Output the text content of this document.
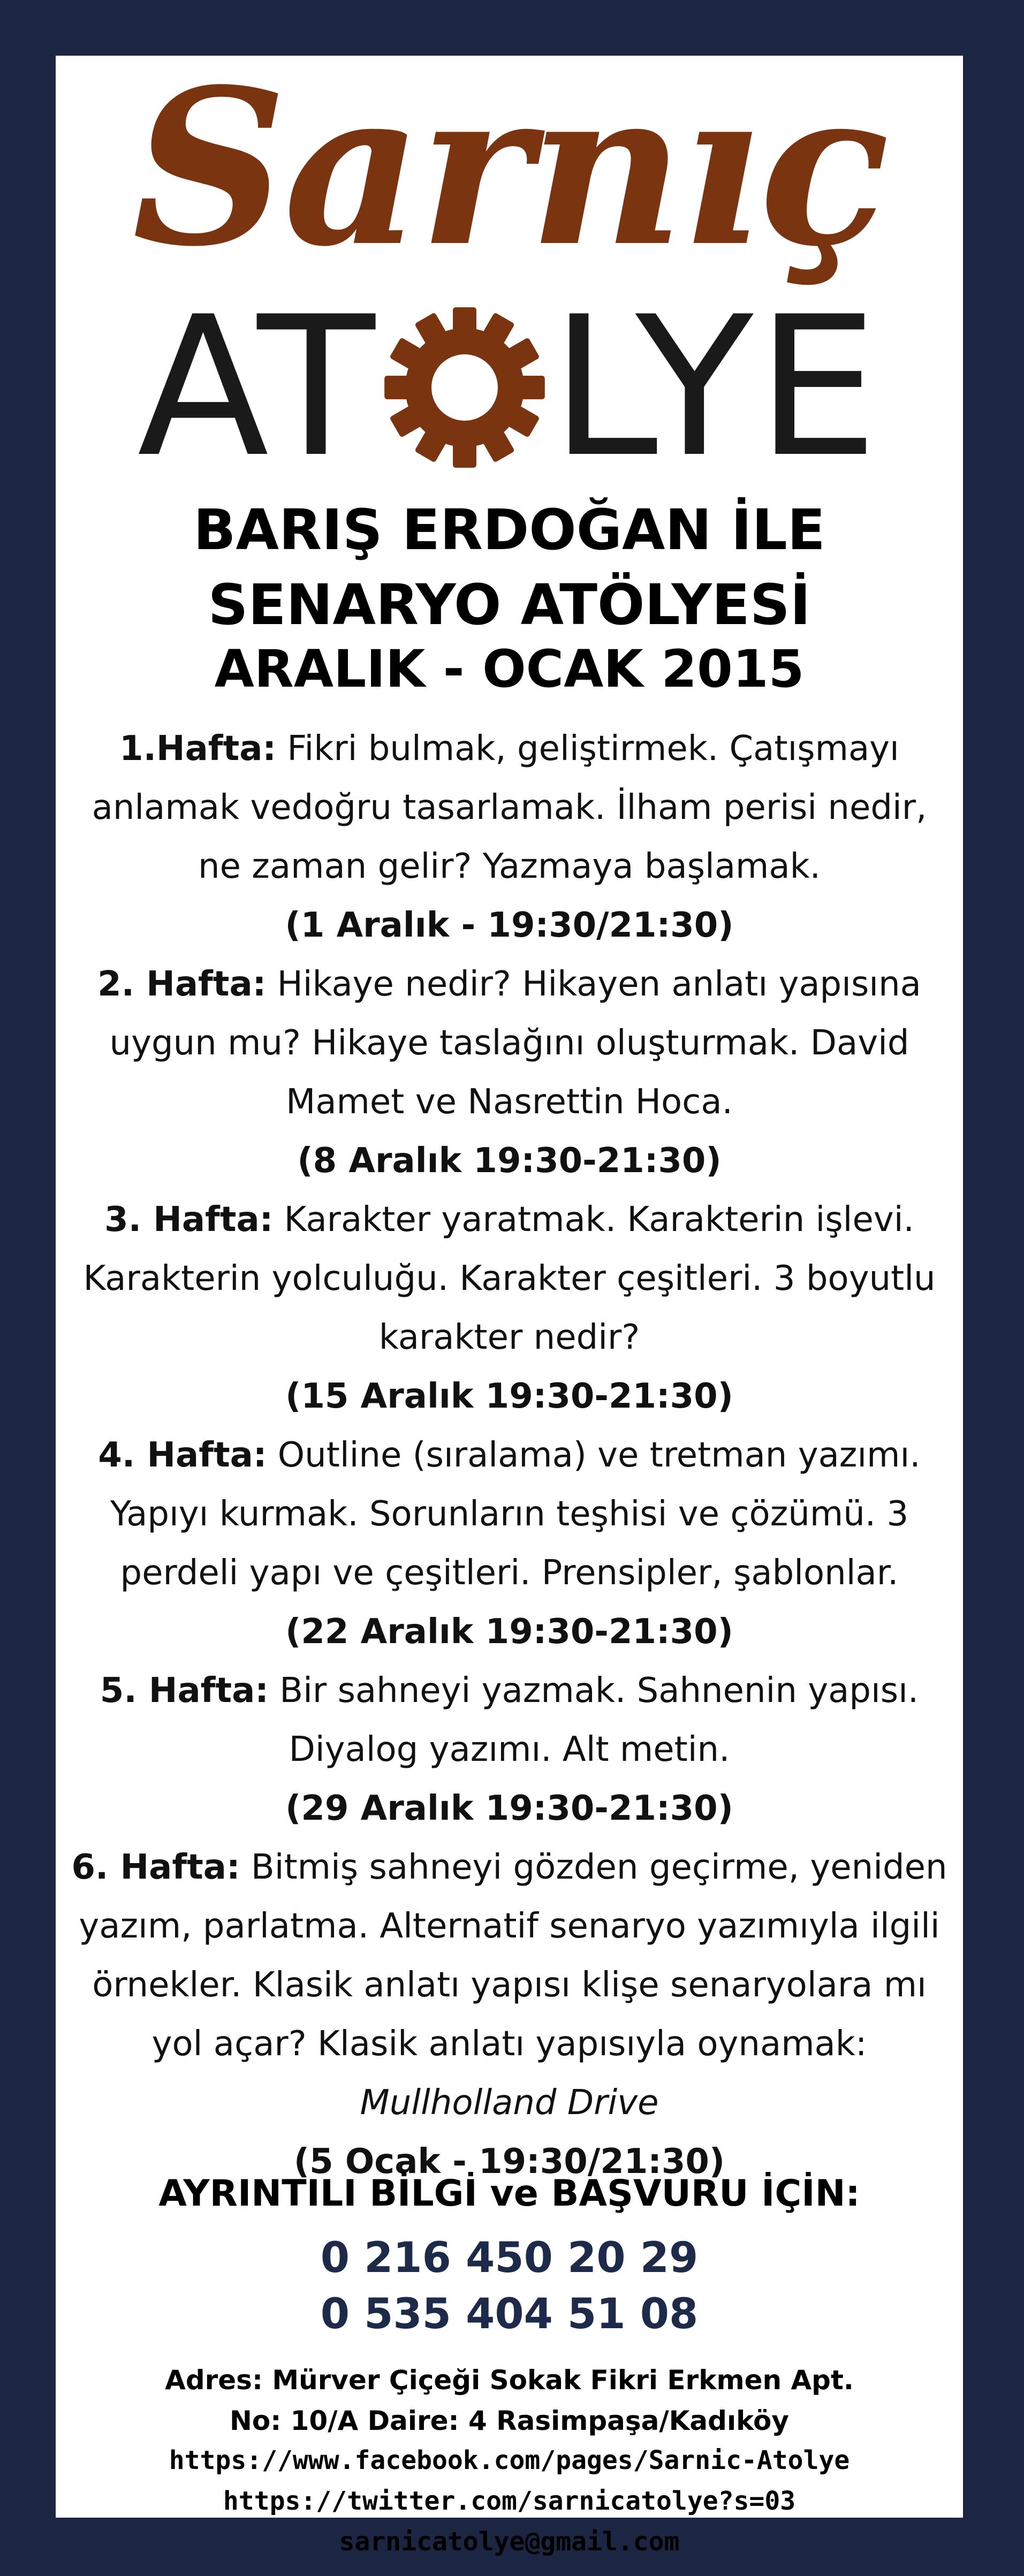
Sarnıç
AT LYE
BARIŞ ERDOĞAN İLE
SENARYO ATÖLYESİ
ARALIK - OCAK 2015

1.Hafta: Fikri bulmak, geliştirmek. Çatışmayı anlamak vedoğru tasarlamak. İlham perisi nedir, ne zaman gelir? Yazmaya başlamak.

(1 Aralık - 19:30/21:30)

2. Hafta: Hikaye nedir? Hikayen anlatı yapısına uygun mu? Hikaye taslağını oluşturmak. David Mamet ve Nasrettin Hoca.

(8 Aralık 19:30-21:30)

3. Hafta: Karakter yaratmak. Karakterin işlevi. Karakterin yolculuğu. Karakter çeşitleri. 3 boyutlu karakter nedir?

(15 Aralık 19:30-21:30)

4. Hafta: Outline (sıralama) ve tretman yazımı. Yapıyı kurmak. Sorunların teşhisi ve çözümü. 3 perdeli yapı ve çeşitleri. Prensipler, şablonlar.

(22 Aralık 19:30-21:30)

5. Hafta: Bir sahneyi yazmak. Sahnenin yapısı. Diyalog yazımı. Alt metin.

(29 Aralık 19:30-21:30)

6. Hafta: Bitmiş sahneyi gözden geçirme, yeniden yazım, parlatma. Alternatif senaryo yazımıyla ilgili örnekler. Klasik anlatı yapısı klişe senaryolara mı yol açar? Klasik anlatı yapısıyla oynamak:
Mullholland Drive

(5 Ocak - 19:30/21:30)

AYRINTILI BİLGİ ve BAŞVURU İÇİN:
0 216 450 20 29
0 535 404 51 08
Adres: Mürver Çiçeği Sokak Fikri Erkmen Apt.
No: 10/A Daire: 4 Rasimpaşa/Kadıköy
https://www.facebook.com/pages/Sarnic-Atolye
https://twitter.com/sarnicatolye?s=03
sarnicatolye@gmail.com
